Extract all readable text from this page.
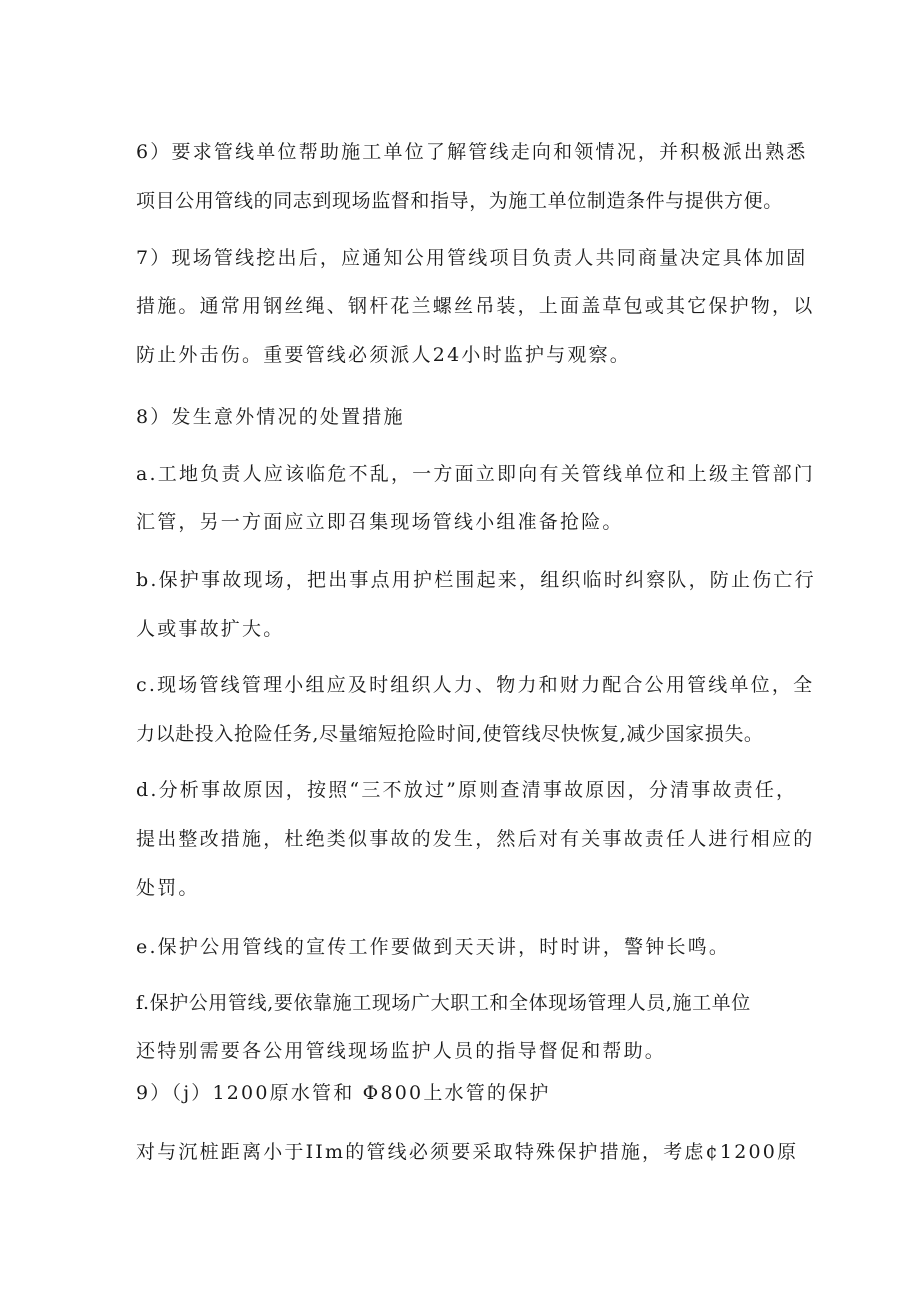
6）要求管线单位帮助施工单位了解管线走向和领情况，并积极派出熟悉
项目公用管线的同志到现场监督和指导，为施工单位制造条件与提供方便。
7）现场管线挖出后，应通知公用管线项目负责人共同商量决定具体加固
措施。通常用钢丝绳、钢杆花兰螺丝吊装，上面盖草包或其它保护物，以
防止外击伤。重要管线必须派人24小时监护与观察。
8）发生意外情况的处置措施
a.工地负责人应该临危不乱，一方面立即向有关管线单位和上级主管部门
汇管，另一方面应立即召集现场管线小组准备抢险。
b.保护事故现场，把出事点用护栏围起来，组织临时纠察队，防止伤亡行
人或事故扩大。
c.现场管线管理小组应及时组织人力、物力和财力配合公用管线单位，全
力以赴投入抢险任务,尽量缩短抢险时间,使管线尽快恢复,减少国家损失。
d.分析事故原因，按照“三不放过”原则查清事故原因，分清事故责任，
提出整改措施，杜绝类似事故的发生，然后对有关事故责任人进行相应的
处罚。
e.保护公用管线的宣传工作要做到天天讲，时时讲，警钟长鸣。
f.保护公用管线,要依靠施工现场广大职工和全体现场管理人员,施工单位
还特别需要各公用管线现场监护人员的指导督促和帮助。
9）（j）1200原水管和 Φ800上水管的保护
对与沉桩距离小于IIm的管线必须要采取特殊保护措施，考虑¢1200原
